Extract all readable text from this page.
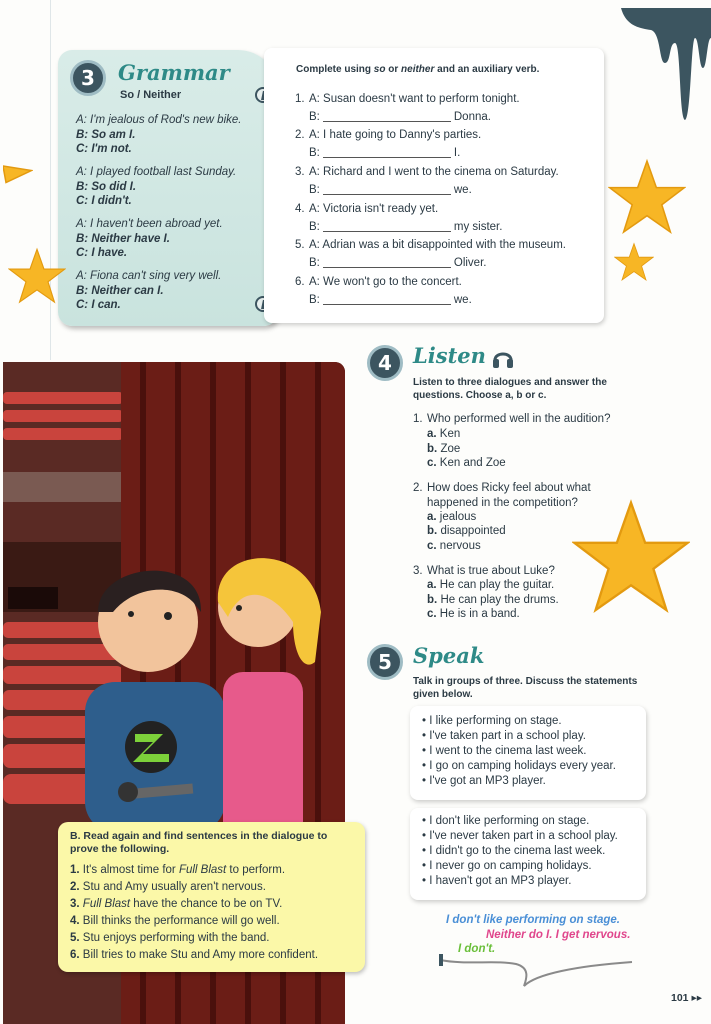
3	Grammar
So / Neither
A: I'm jealous of Rod's new bike.
B: So am I.
C: I'm not.
A: I played football last Sunday.
B: So did I.
C: I didn't.
A: I haven't been abroad yet.
B: Neither have I.
C: I have.
A: Fiona can't sing very well.
B: Neither can I.
C: I can.
Complete using so or neither and an auxiliary verb.
1. A: Susan doesn't want to perform tonight.
B:	Donna.
2. A: I hate going to Danny's parties.
B:	I.
3. A: Richard and I went to the cinema on Saturday.
B:	we.
4. A: Victoria isn't ready yet.
B:	my sister.
5. A: Adrian was a bit disappointed with the museum.
B:	Oliver.
6. A: We won't go to the concert.
B:	we.
B. Read again and find sentences in the dialogue to prove the following.
1. It's almost time for Full Blast to perform.
2. Stu and Amy usually aren't nervous.
3. Full Blast have the chance to be on TV.
4. Bill thinks the performance will go well.
5. Stu enjoys performing with the band.
6. Bill tries to make Stu and Amy more confident.
4	Listen
Listen to three dialogues and answer the questions. Choose a, b or c.
1. Who performed well in the audition?
a. Ken
b. Zoe
c. Ken and Zoe
2. How does Ricky feel about what
happened in the competition?
a. jealous
b. disappointed
c. nervous
3. What is true about Luke?
a. He can play the guitar.
b. He can play the drums.
c. He is in a band.
5	Speak
Talk in groups of three. Discuss the statements given below.
• I like performing on stage.
• I've taken part in a school play.
• I went to the cinema last week.
• I go on camping holidays every year.
• I've got an MP3 player.
• I don't like performing on stage.
• I've never taken part in a school play.
• I didn't go to the cinema last week.
• I never go on camping holidays.
• I haven't got an MP3 player.
I don't like performing on stage.
Neither do I. I get nervous.
I don't.
101 ▸▸
